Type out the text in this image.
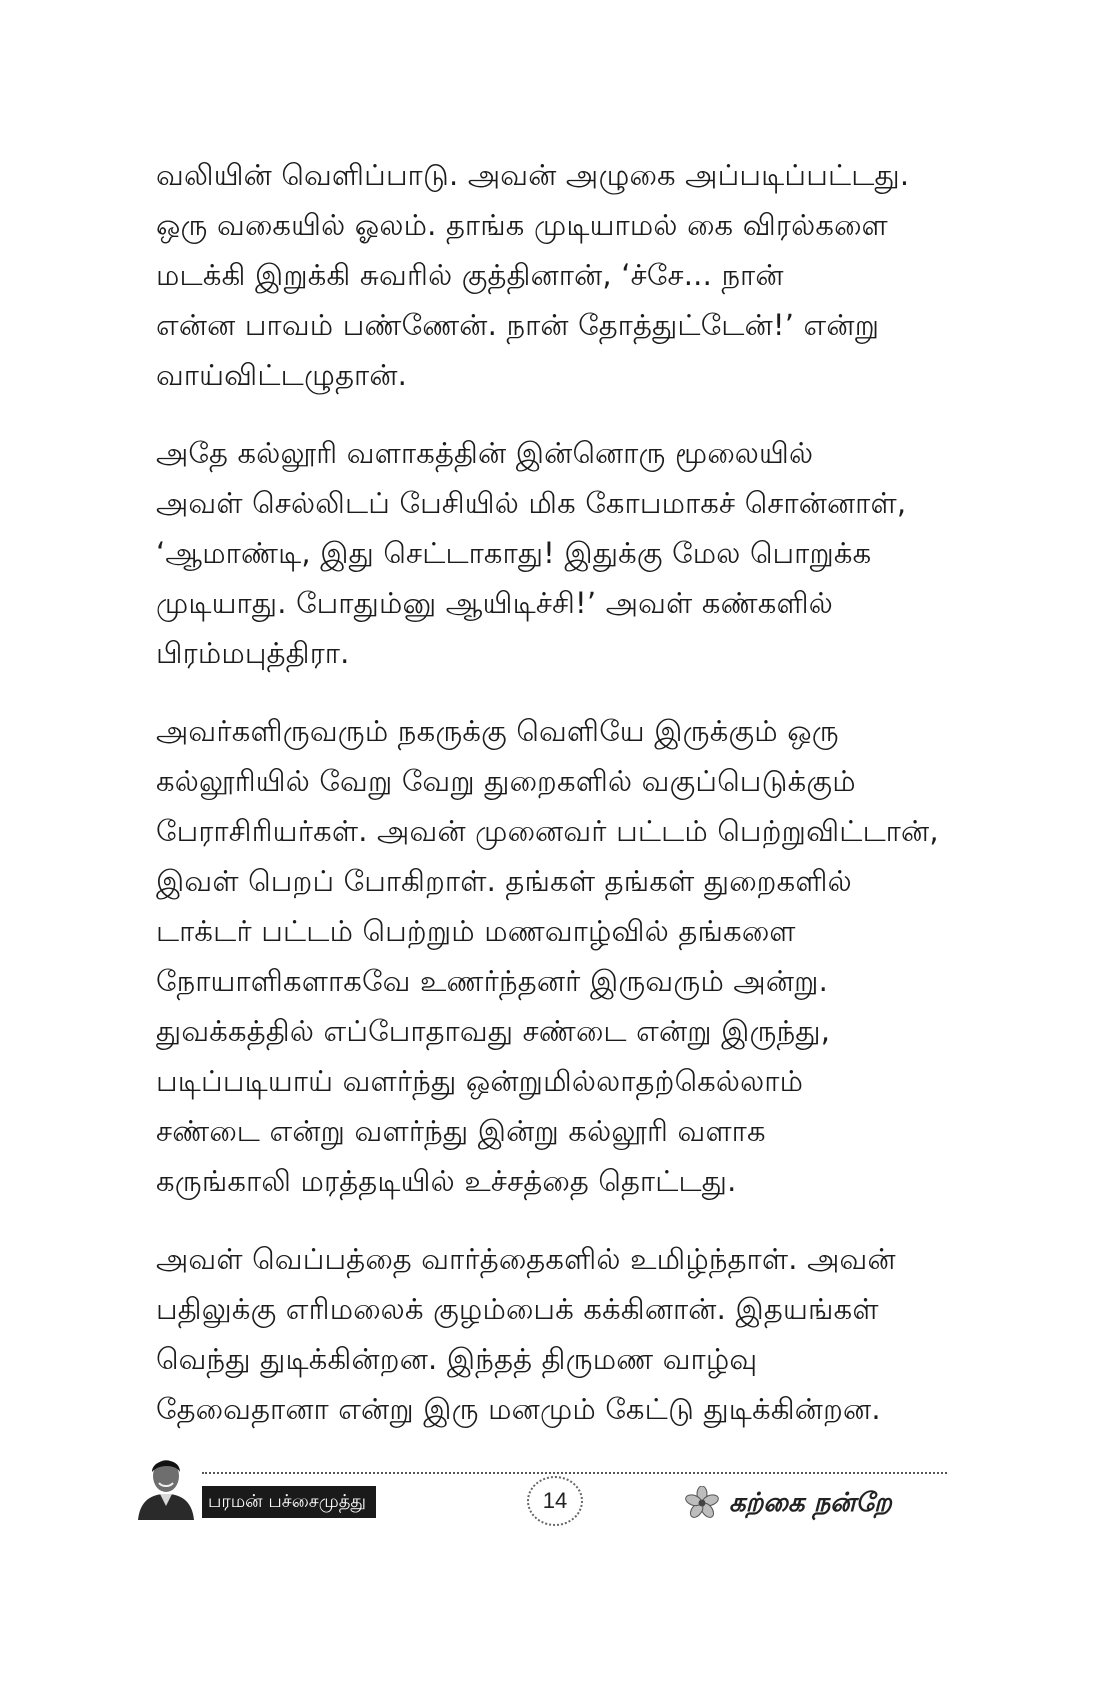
வலியின் வெளிப்பாடு. அவன் அழுகை அப்படிப்பட்டது.
ஒரு வகையில் ஓலம். தாங்க முடியாமல் கை விரல்களை
மடக்கி இறுக்கி சுவரில் குத்தினான், ‘ச்சே... நான்
என்ன பாவம் பண்ணேன். நான் தோத்துட்டேன்!’ என்று
வாய்விட்டழுதான்.

அதே கல்லூரி வளாகத்தின் இன்னொரு மூலையில்
அவள் செல்லிடப் பேசியில் மிக கோபமாகச் சொன்னாள்,
‘ஆமாண்டி, இது செட்டாகாது! இதுக்கு மேல பொறுக்க
முடியாது. போதும்னு ஆயிடிச்சி!’ அவள் கண்களில்
பிரம்மபுத்திரா.

அவர்களிருவரும் நகருக்கு வெளியே இருக்கும் ஒரு
கல்லூரியில் வேறு வேறு துறைகளில் வகுப்பெடுக்கும்
பேராசிரியர்கள். அவன் முனைவர் பட்டம் பெற்றுவிட்டான்,
இவள் பெறப் போகிறாள். தங்கள் தங்கள் துறைகளில்
டாக்டர் பட்டம் பெற்றும் மணவாழ்வில் தங்களை
நோயாளிகளாகவே உணர்ந்தனர் இருவரும் அன்று.
துவக்கத்தில் எப்போதாவது சண்டை என்று இருந்து,
படிப்படியாய் வளர்ந்து ஒன்றுமில்லாதற்கெல்லாம்
சண்டை என்று வளர்ந்து இன்று கல்லூரி வளாக
கருங்காலி மரத்தடியில் உச்சத்தை தொட்டது.

அவள் வெப்பத்தை வார்த்தைகளில் உமிழ்ந்தாள். அவன்
பதிலுக்கு எரிமலைக் குழம்பைக் கக்கினான். இதயங்கள்
வெந்து துடிக்கின்றன. இந்தத் திருமண வாழ்வு
தேவைதானா என்று இரு மனமும் கேட்டு துடிக்கின்றன.

பரமன் பச்சைமுத்து	14	கற்கை நன்றே
